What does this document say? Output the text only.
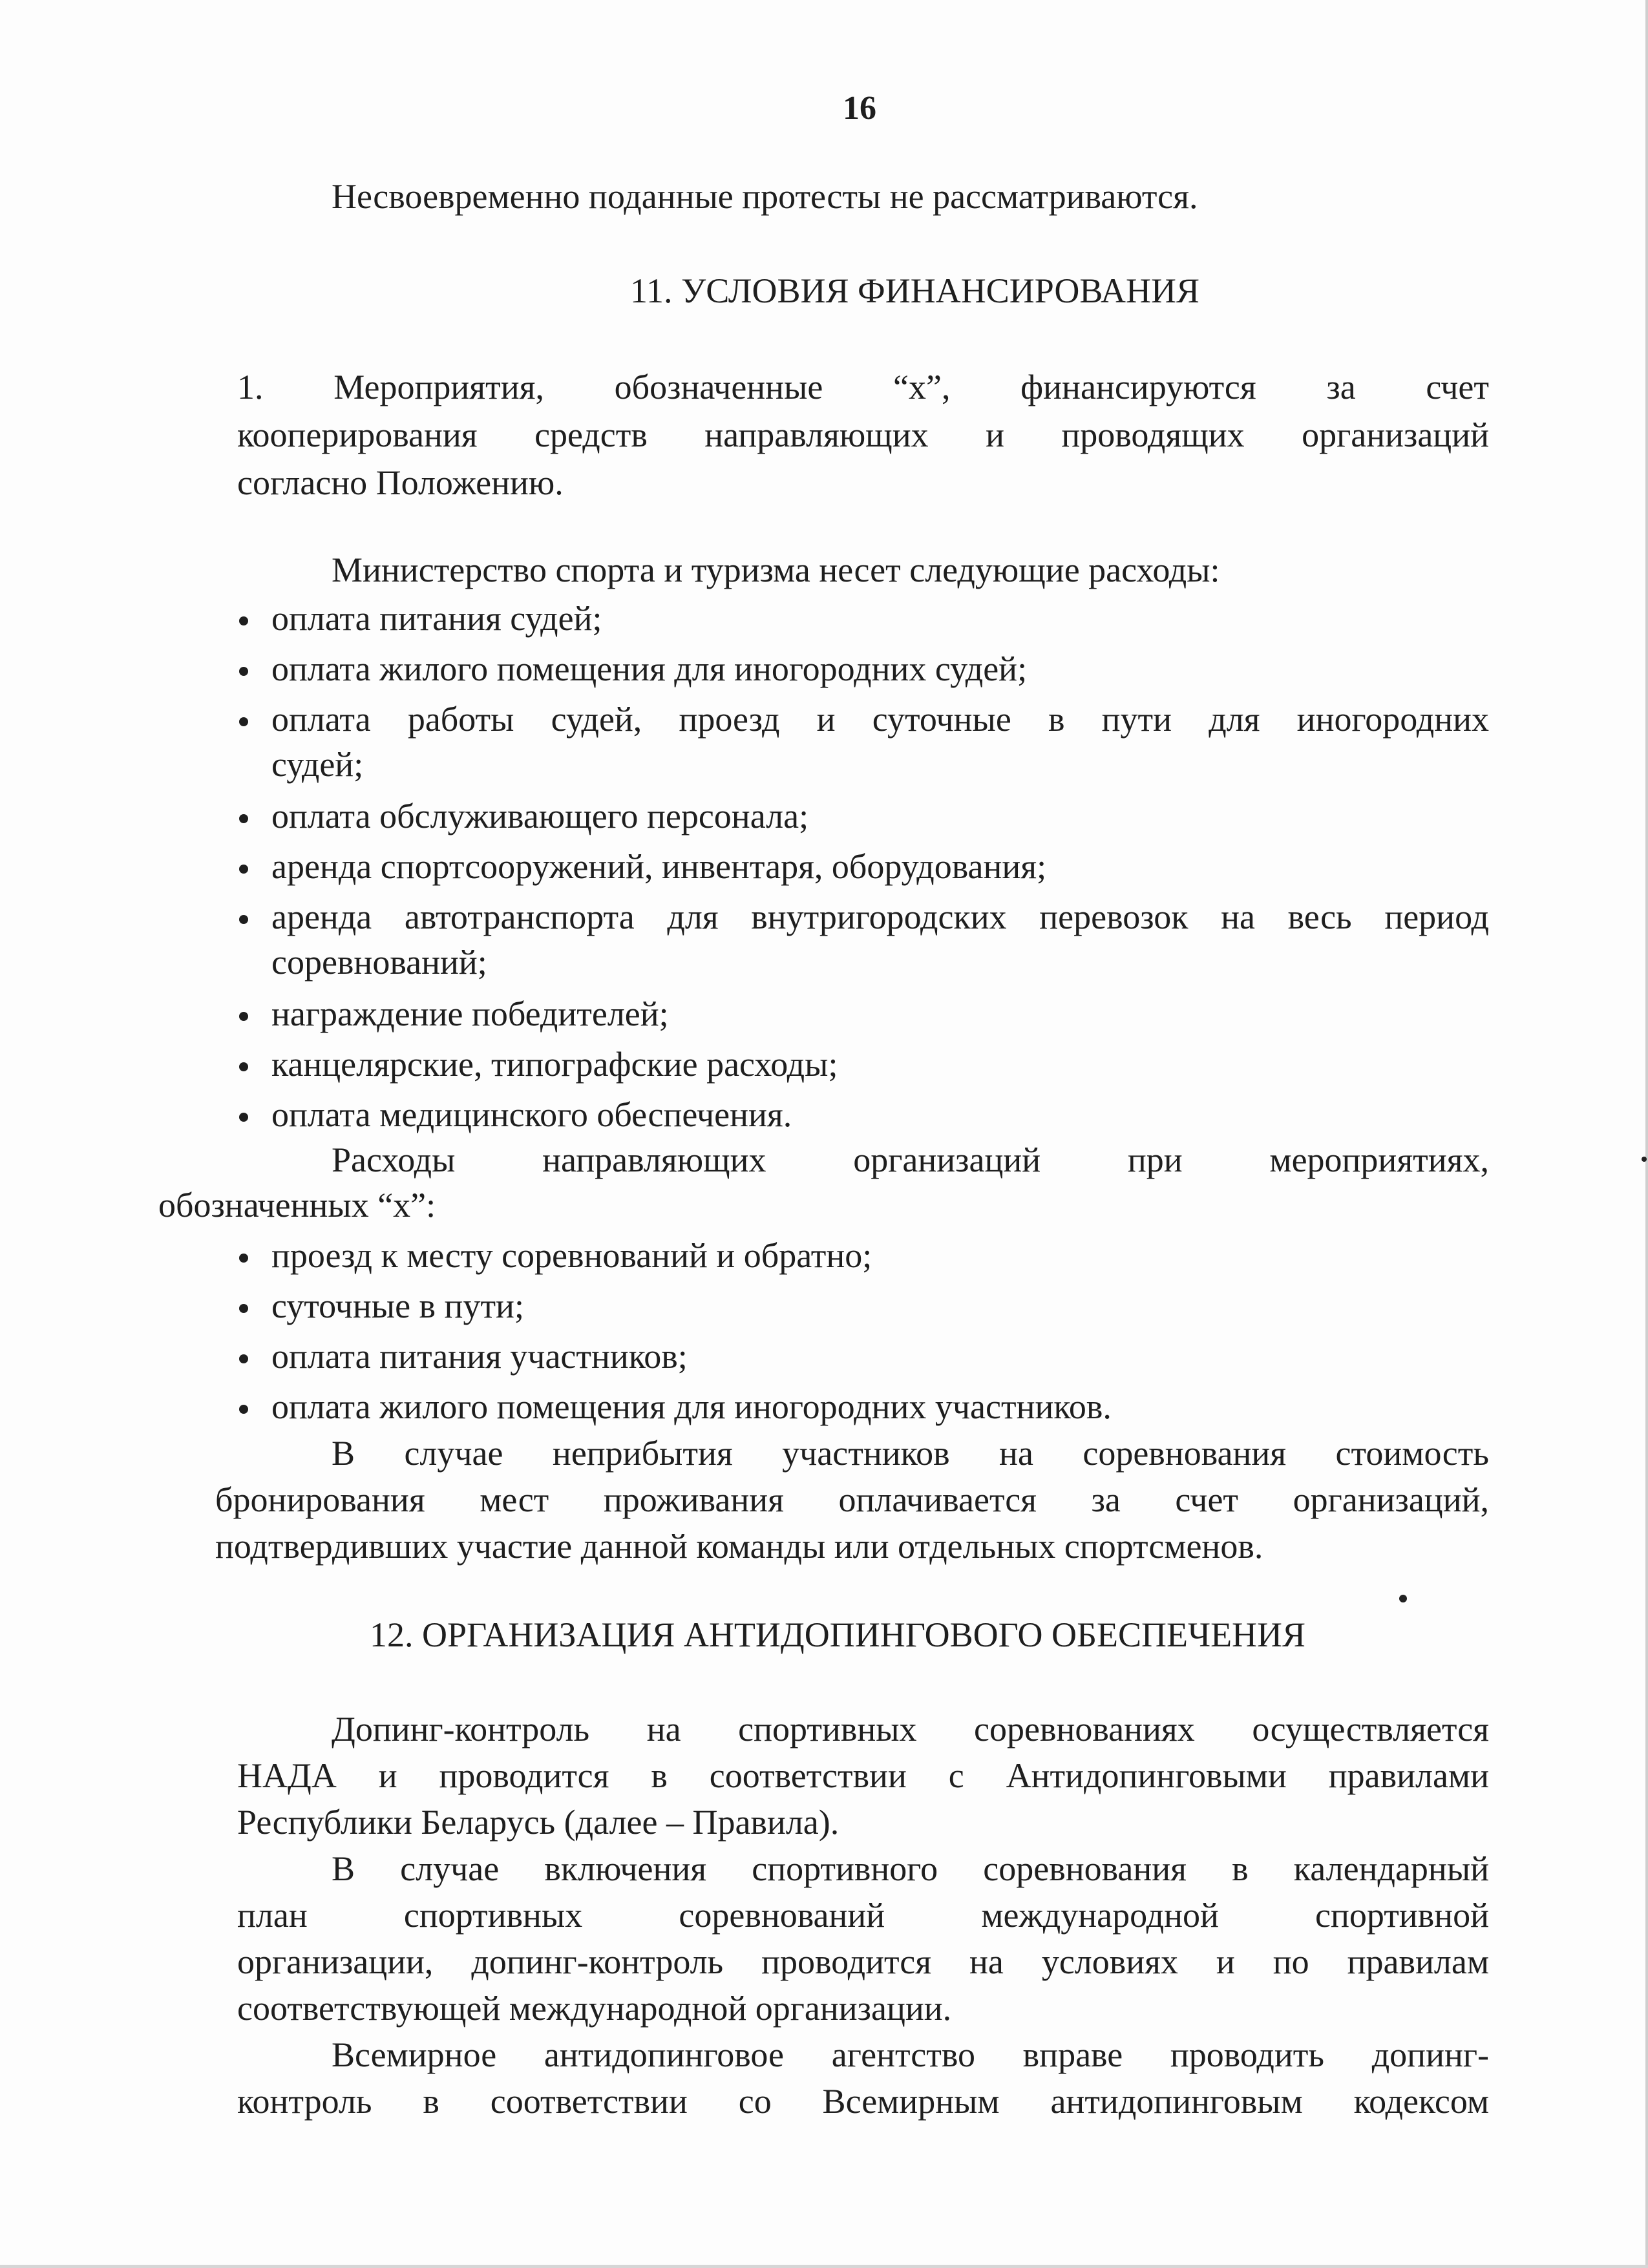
16
Несвоевременно поданные протесты не рассматриваются.
11. УСЛОВИЯ ФИНАНСИРОВАНИЯ
1. Мероприятия, обозначенные “х”, финансируются за счет
кооперирования средств направляющих и проводящих организаций
согласно Положению.
Министерство спорта и туризма несет следующие расходы:
оплата питания судей;
оплата жилого помещения для иногородних судей;
оплата работы судей, проезд и суточные в пути для иногородних
судей;
оплата обслуживающего персонала;
аренда спортсооружений, инвентаря, оборудования;
аренда автотранспорта для внутригородских перевозок на весь период
соревнований;
награждение победителей;
канцелярские, типографские расходы;
оплата медицинского обеспечения.
Расходы направляющих организаций при мероприятиях,
обозначенных “х”:
проезд к месту соревнований и обратно;
суточные в пути;
оплата питания участников;
оплата жилого помещения для иногородних участников.
В случае неприбытия участников на соревнования стоимость
бронирования мест проживания оплачивается за счет организаций,
подтвердивших участие данной команды или отдельных спортсменов.
12. ОРГАНИЗАЦИЯ АНТИДОПИНГОВОГО ОБЕСПЕЧЕНИЯ
Допинг-контроль на спортивных соревнованиях осуществляется
НАДА и проводится в соответствии с Антидопинговыми правилами
Республики Беларусь (далее – Правила).
В случае включения спортивного соревнования в календарный
план спортивных соревнований международной спортивной
организации, допинг-контроль проводится на условиях и по правилам
соответствующей международной организации.
Всемирное антидопинговое агентство вправе проводить допинг-
контроль в соответствии со Всемирным антидопинговым кодексом
